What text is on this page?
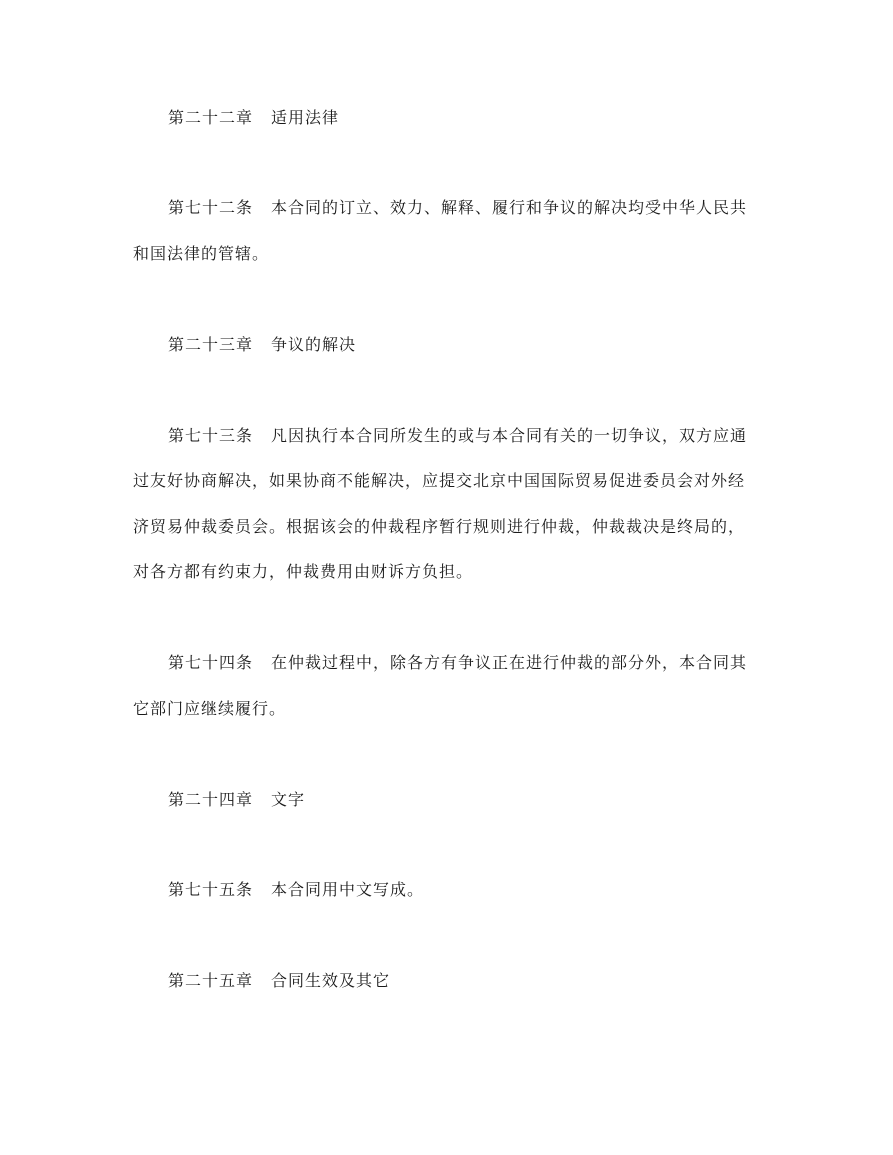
第二十二章 适用法律
第七十二条 本合同的订立、效力、解释、履行和争议的解决均受中华人民共
和国法律的管辖。
第二十三章 争议的解决
第七十三条 凡因执行本合同所发生的或与本合同有关的一切争议，双方应通
过友好协商解决，如果协商不能解决，应提交北京中国国际贸易促进委员会对外经
济贸易仲裁委员会。根据该会的仲裁程序暂行规则进行仲裁，仲裁裁决是终局的，
对各方都有约束力，仲裁费用由财诉方负担。
第七十四条 在仲裁过程中，除各方有争议正在进行仲裁的部分外，本合同其
它部门应继续履行。
第二十四章 文字
第七十五条 本合同用中文写成。
第二十五章 合同生效及其它
